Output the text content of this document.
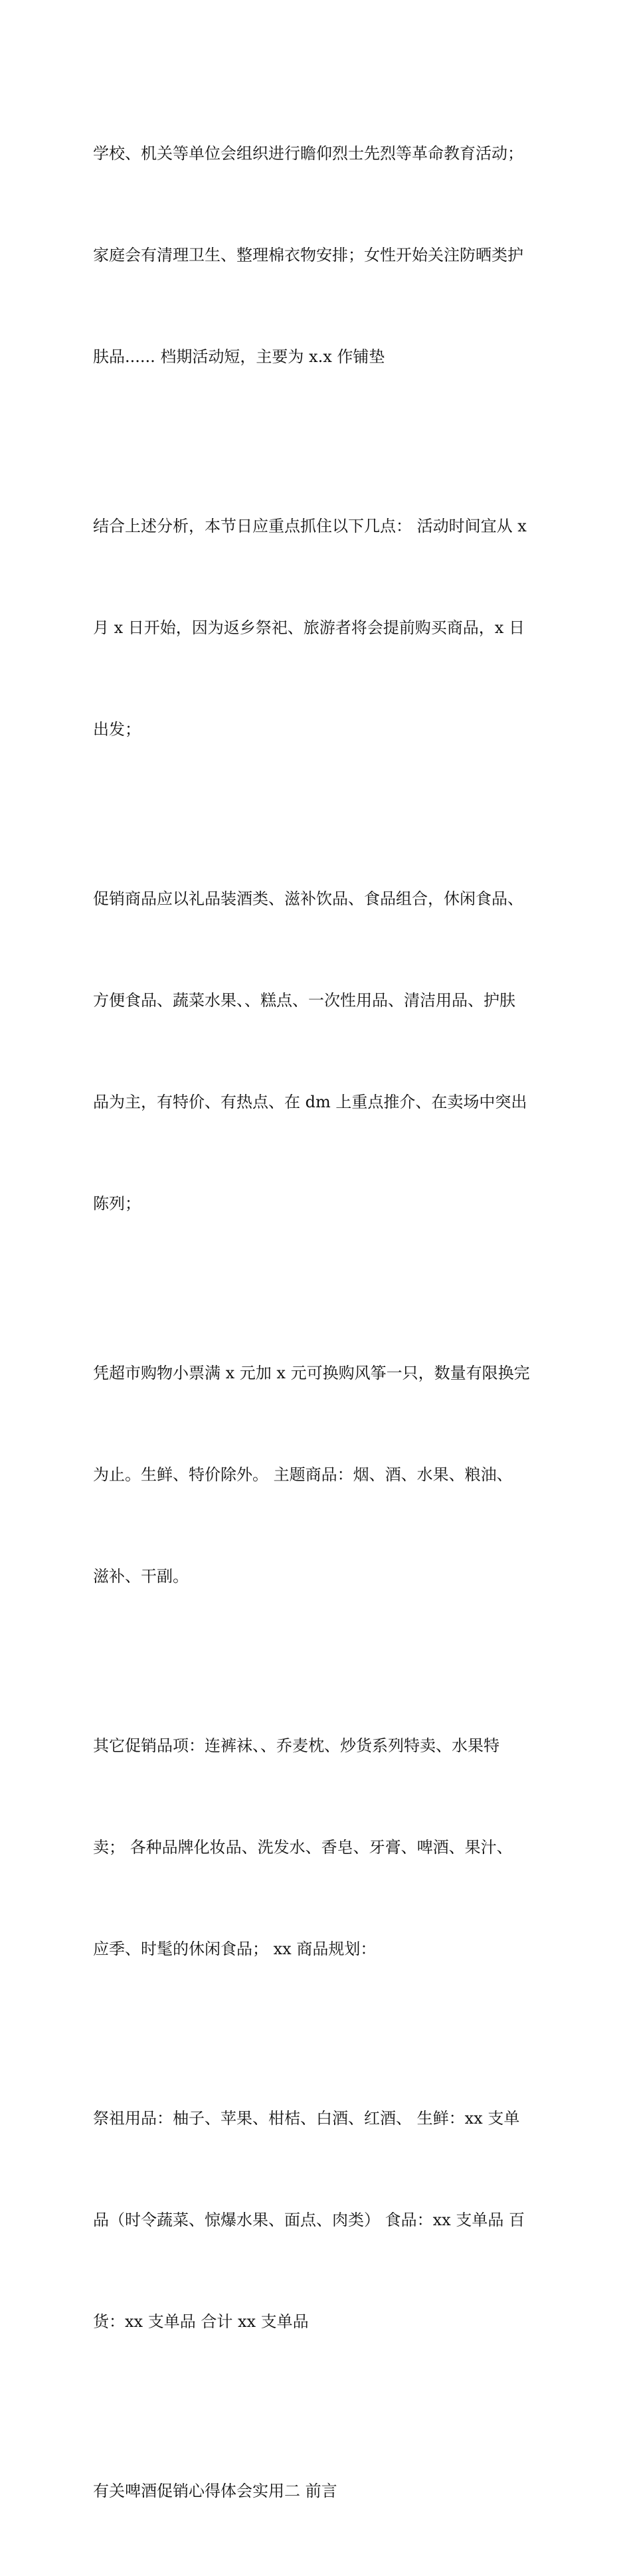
学校、机关等单位会组织进行瞻仰烈士先烈等革命教育活动；

家庭会有清理卫生、整理棉衣物安排；女性开始关注防晒类护

肤品...... 档期活动短，主要为 x.x 作铺垫

结合上述分析，本节日应重点抓住以下几点： 活动时间宜从 x

月 x 日开始，因为返乡祭祀、旅游者将会提前购买商品，x 日

出发；

促销商品应以礼品装酒类、滋补饮品、食品组合，休闲食品、

方便食品、蔬菜水果、、糕点、一次性用品、清洁用品、护肤

品为主，有特价、有热点、在 dm 上重点推介、在卖场中突出

陈列；

凭超市购物小票满 x 元加 x 元可换购风筝一只，数量有限换完

为止。生鲜、特价除外。 主题商品：烟、酒、水果、粮油、

滋补、干副。

其它促销品项：连裤袜、、乔麦枕、炒货系列特卖、水果特

卖； 各种品牌化妆品、洗发水、香皂、牙膏、啤酒、果汁、

应季、时髦的休闲食品； xx 商品规划：

祭祖用品：柚子、苹果、柑桔、白酒、红酒、 生鲜：xx 支单

品（时令蔬菜、惊爆水果、面点、肉类） 食品：xx 支单品 百

货：xx 支单品 合计 xx 支单品

有关啤酒促销心得体会实用二 前言
